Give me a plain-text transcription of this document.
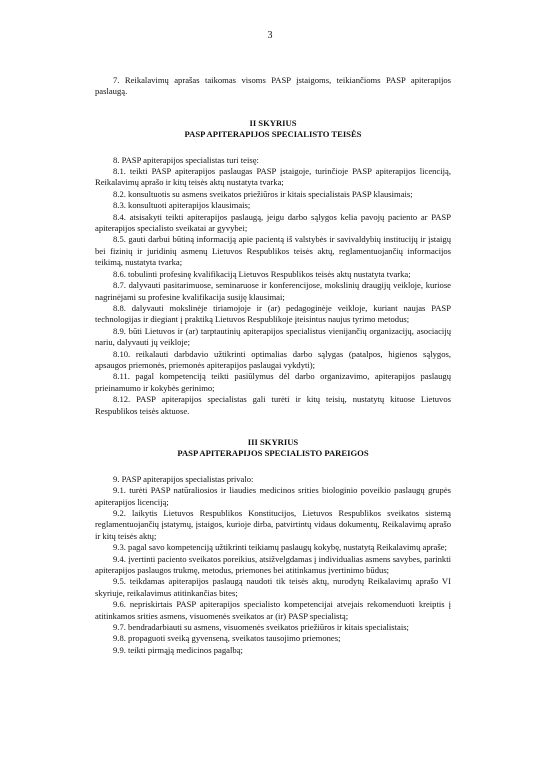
3

7. Reikalavimų aprašas taikomas visoms PASP įstaigoms, teikiančioms PASP apiterapijos paslaugą.

II SKYRIUS

PASP APITERAPIJOS SPECIALISTO TEISĖS

8. PASP apiterapijos specialistas turi teisę:

8.1. teikti PASP apiterapijos paslaugas PASP įstaigoje, turinčioje PASP apiterapijos licenciją, Reikalavimų aprašo ir kitų teisės aktų nustatyta tvarka;

8.2. konsultuotis su asmens sveikatos priežiūros ir kitais specialistais PASP klausimais;

8.3. konsultuoti apiterapijos klausimais;

8.4. atsisakyti teikti apiterapijos paslaugą, jeigu darbo sąlygos kelia pavojų paciento ar PASP apiterapijos specialisto sveikatai ar gyvybei;

8.5. gauti darbui būtiną informaciją apie pacientą iš valstybės ir savivaldybių institucijų ir įstaigų bei fizinių ir juridinių asmenų Lietuvos Respublikos teisės aktų, reglamentuojančių informacijos teikimą, nustatyta tvarka;

8.6. tobulinti profesinę kvalifikaciją Lietuvos Respublikos teisės aktų nustatyta tvarka;

8.7. dalyvauti pasitarimuose, seminaruose ir konferencijose, mokslinių draugijų veikloje, kuriose nagrinėjami su profesine kvalifikacija susiję klausimai;

8.8. dalyvauti mokslinėje tiriamojoje ir (ar) pedagoginėje veikloje, kuriant naujas PASP technologijas ir diegiant į praktiką Lietuvos Respublikoje įteisintus naujus tyrimo metodus;

8.9. būti Lietuvos ir (ar) tarptautinių apiterapijos specialistus vienijančių organizacijų, asociacijų nariu, dalyvauti jų veikloje;

8.10. reikalauti darbdavio užtikrinti optimalias darbo sąlygas (patalpos, higienos sąlygos, apsaugos priemonės, priemonės apiterapijos paslaugai vykdyti);

8.11. pagal kompetenciją teikti pasiūlymus dėl darbo organizavimo, apiterapijos paslaugų prieinamumo ir kokybės gerinimo;

8.12. PASP apiterapijos specialistas gali turėti ir kitų teisių, nustatytų kituose Lietuvos Respublikos teisės aktuose.

III SKYRIUS

PASP APITERAPIJOS SPECIALISTO PAREIGOS

9. PASP apiterapijos specialistas privalo:

9.1. turėti PASP natūraliosios ir liaudies medicinos srities biologinio poveikio paslaugų grupės apiterapijos licenciją;

9.2. laikytis Lietuvos Respublikos Konstitucijos, Lietuvos Respublikos sveikatos sistemą reglamentuojančių įstatymų, įstaigos, kurioje dirba, patvirtintų vidaus dokumentų, Reikalavimų aprašo ir kitų teisės aktų;

9.3. pagal savo kompetenciją užtikrinti teikiamų paslaugų kokybę, nustatytą Reikalavimų apraše;

9.4. įvertinti paciento sveikatos poreikius, atsižvelgdamas į individualias asmens savybes, parinkti apiterapijos paslaugos trukmę, metodus, priemones bei atitinkamus įvertinimo būdus;

9.5. teikdamas apiterapijos paslaugą naudoti tik teisės aktų, nurodytų Reikalavimų aprašo VI skyriuje, reikalavimus atitinkančias bites;

9.6. nepriskirtais PASP apiterapijos specialisto kompetencijai atvejais rekomenduoti kreiptis į atitinkamos srities asmens, visuomenės sveikatos ar (ir) PASP specialistą;

9.7. bendradarbiauti su asmens, visuomenės sveikatos priežiūros ir kitais specialistais;

9.8. propaguoti sveiką gyvenseną, sveikatos tausojimo priemones;

9.9. teikti pirmąją medicinos pagalbą;
